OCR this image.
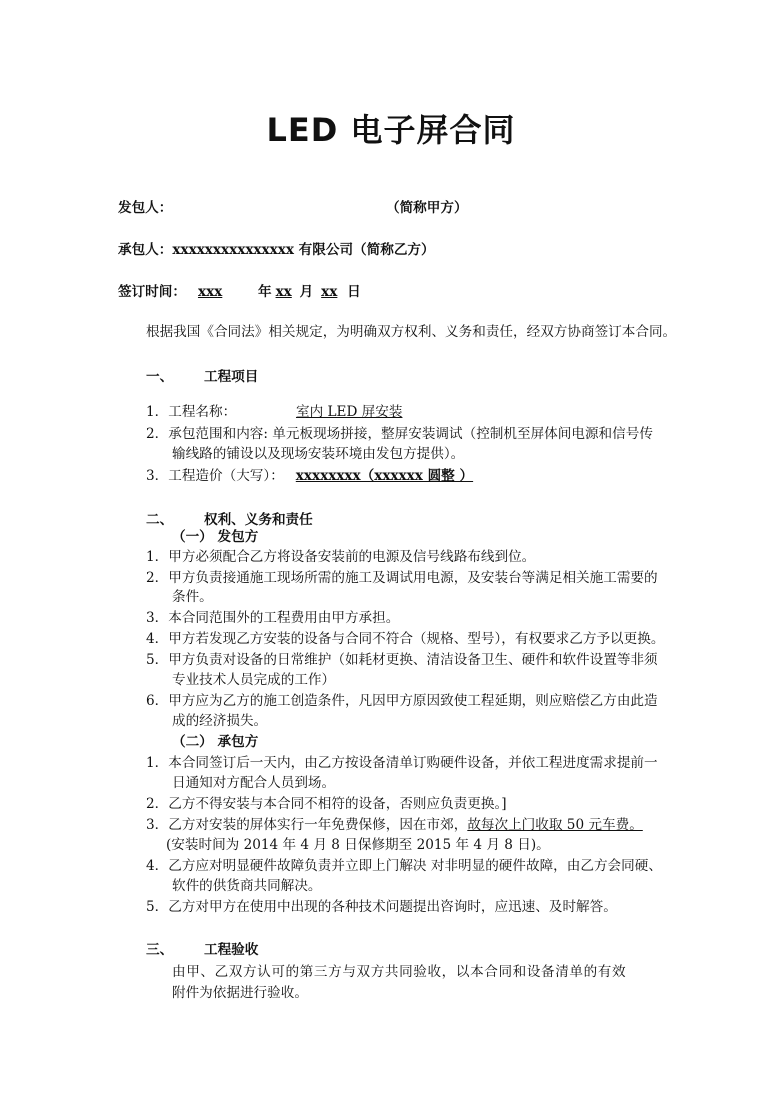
LED 电子屏合同
发包人：	（简称甲方）
承包人：xxxxxxxxxxxxxxx 有限公司（简称乙方）
签订时间： xxx	年 xx 月 xx 日
根据我国《合同法》相关规定，为明确双方权利、义务和责任，经双方协商签订本合同。
一、 工程项目
1．工程名称：	室内 LED 屏安装
2．承包范围和内容: 单元板现场拼接，整屏安装调试（控制机至屏体间电源和信号传
输线路的铺设以及现场安装环境由发包方提供）。
3．工程造价（大写）： xxxxxxxx（xxxxxx 圆整 ）
二、 权利、义务和责任
（一） 发包方
1．甲方必须配合乙方将设备安装前的电源及信号线路布线到位。
2．甲方负责接通施工现场所需的施工及调试用电源，及安装台等满足相关施工需要的
条件。
3．本合同范围外的工程费用由甲方承担。
4．甲方若发现乙方安装的设备与合同不符合（规格、型号），有权要求乙方予以更换。
5．甲方负责对设备的日常维护（如耗材更换、清洁设备卫生、硬件和软件设置等非须
专业技术人员完成的工作）
6．甲方应为乙方的施工创造条件，凡因甲方原因致使工程延期，则应赔偿乙方由此造
成的经济损失。
（二） 承包方
1．本合同签订后一天内，由乙方按设备清单订购硬件设备，并依工程进度需求提前一
日通知对方配合人员到场。
2．乙方不得安装与本合同不相符的设备，否则应负责更换。]
3．乙方对安装的屏体实行一年免费保修，因在市郊，故每次上门收取 50 元车费。
(安装时间为 2014 年 4 月 8 日保修期至 2015 年 4 月 8 日)。
4．乙方应对明显硬件故障负责并立即上门解决 对非明显的硬件故障，由乙方会同硬、
软件的供货商共同解决。
5．乙方对甲方在使用中出现的各种技术问题提出咨询时，应迅速、及时解答。
三、 工程验收
由甲、乙双方认可的第三方与双方共同验收，以本合同和设备清单的有效
附件为依据进行验收。
